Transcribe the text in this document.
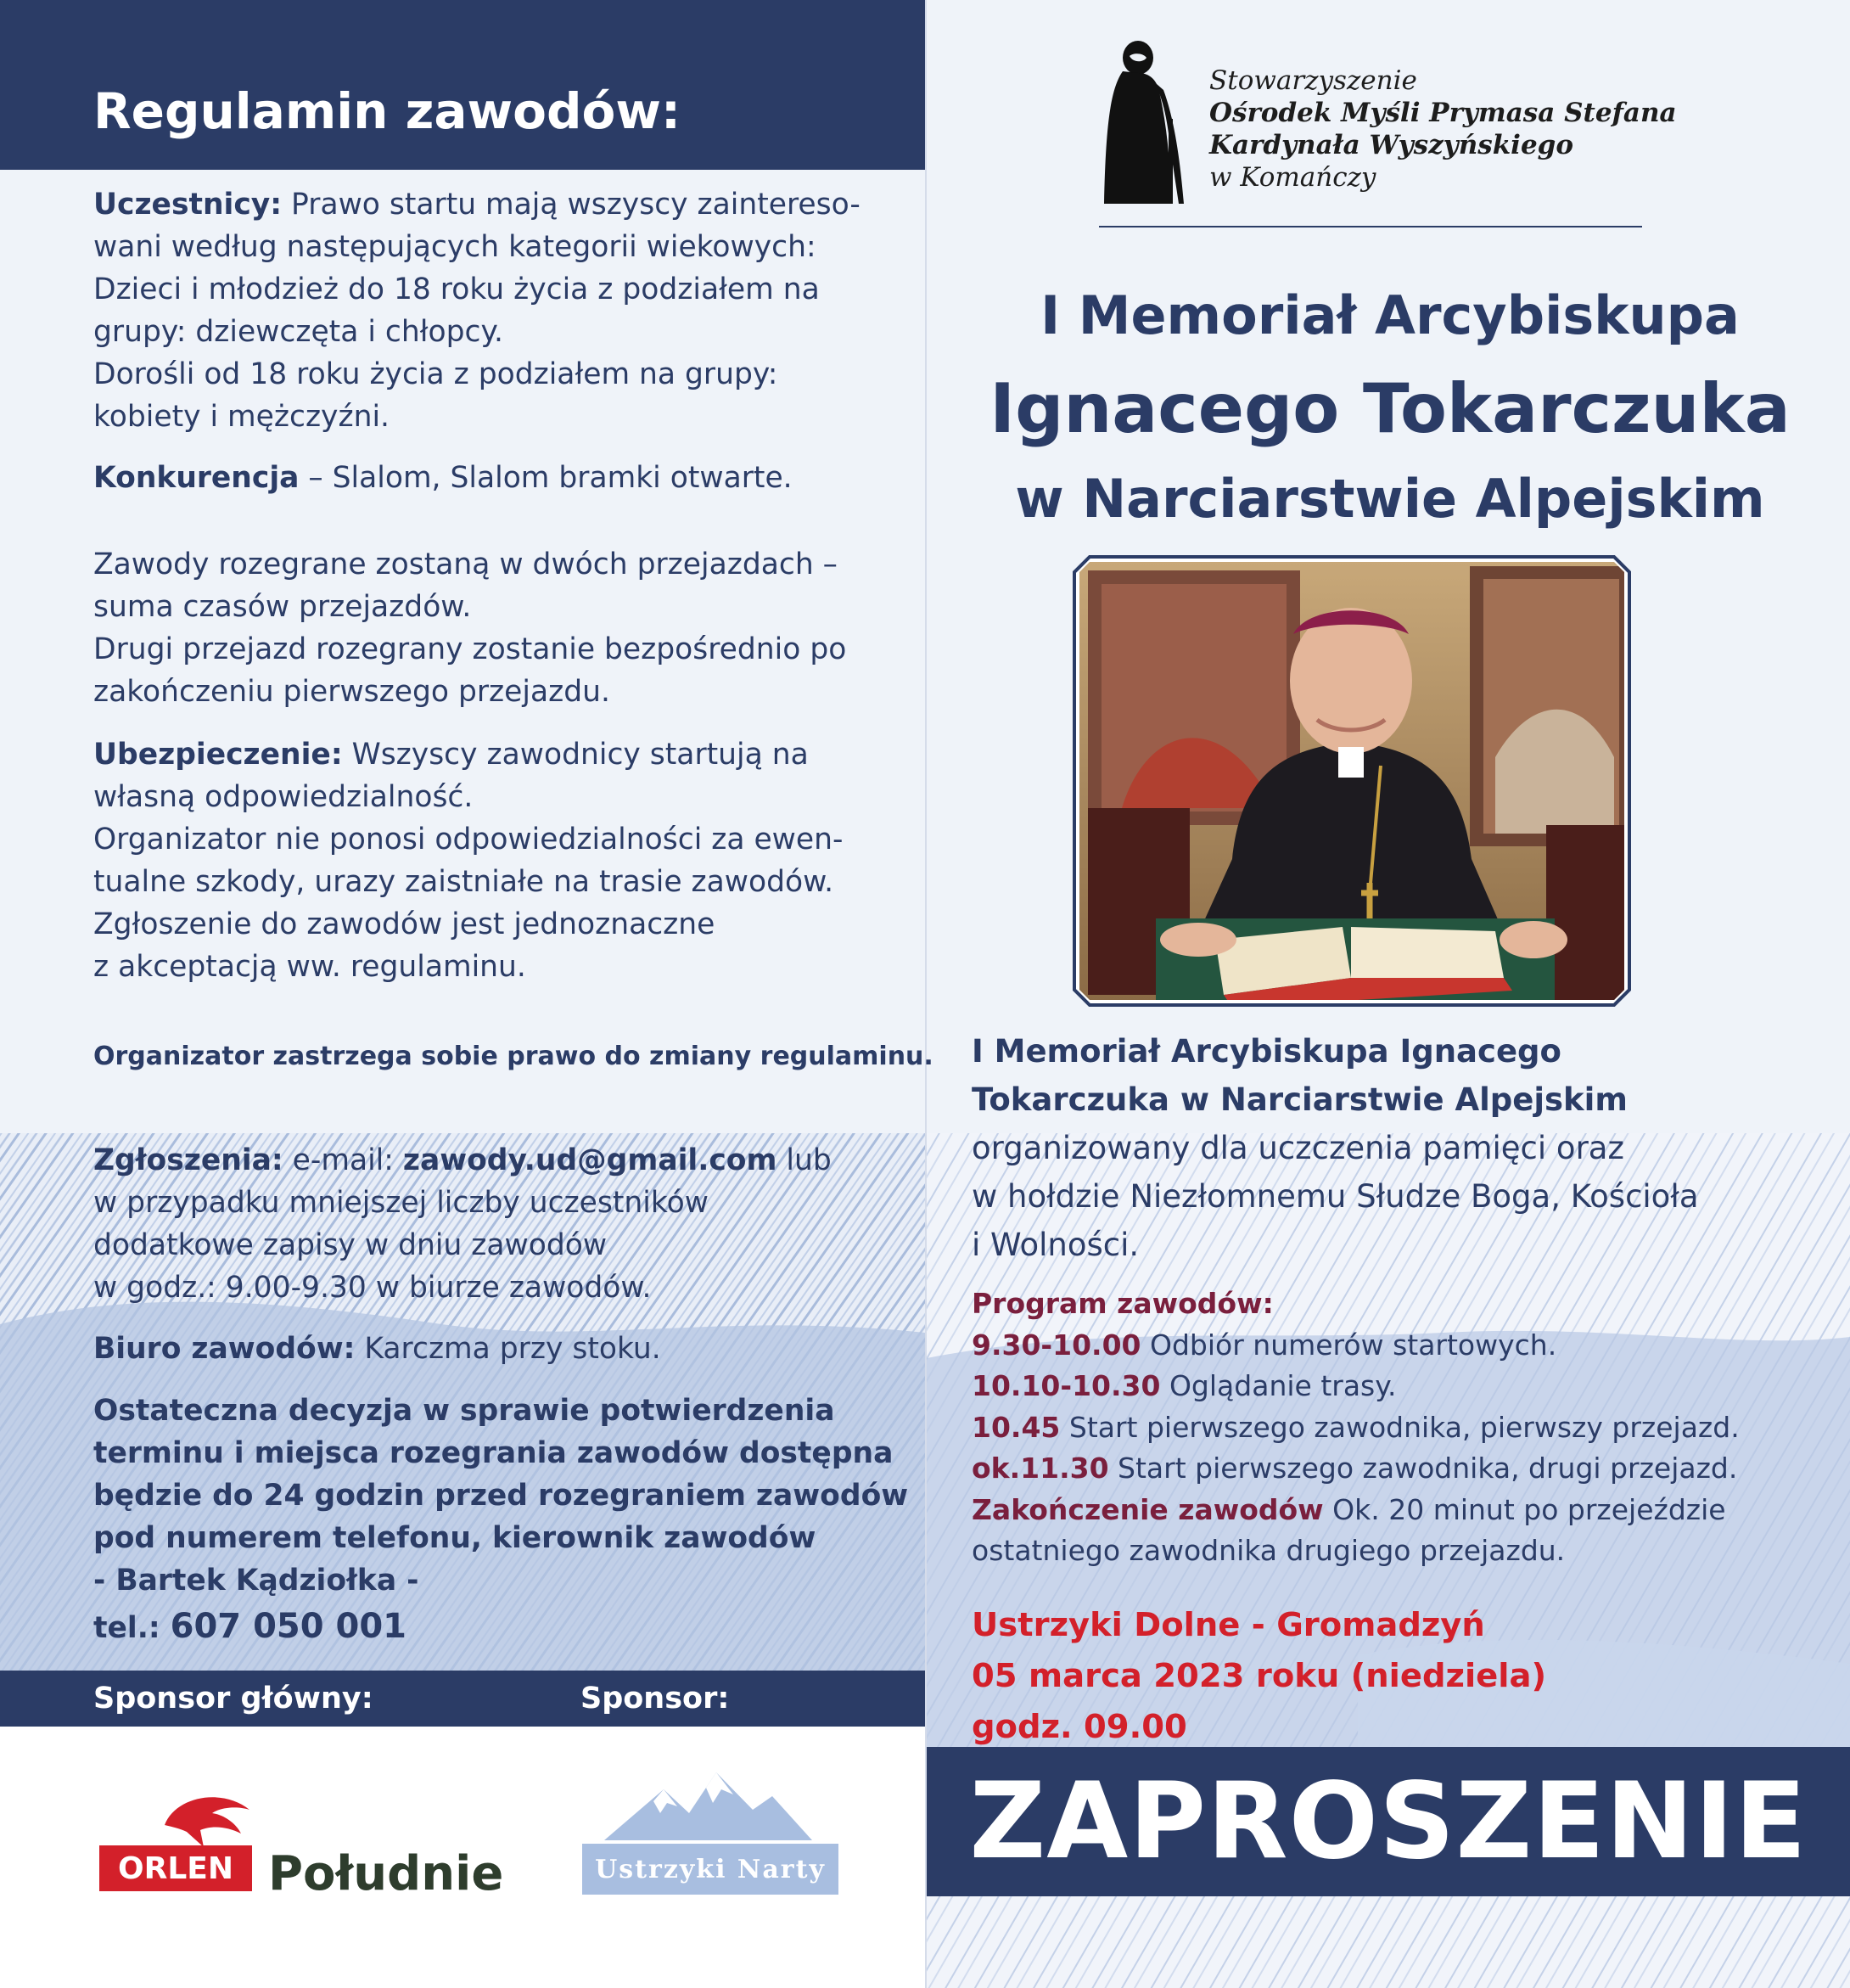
Regulamin zawodów:

Uczestnicy: Prawo startu mają wszyscy zaintereso-

wani według następujących kategorii wiekowych:

Dzieci i młodzież do 18 roku życia z podziałem na

grupy: dziewczęta i chłopcy.

Dorośli od 18 roku życia z podziałem na grupy:

kobiety i mężczyźni.

Konkurencja – Slalom, Slalom bramki otwarte.

Zawody rozegrane zostaną w dwóch przejazdach –

suma czasów przejazdów.

Drugi przejazd rozegrany zostanie bezpośrednio po

zakończeniu pierwszego przejazdu.

Ubezpieczenie: Wszyscy zawodnicy startują na

własną odpowiedzialność.

Organizator nie ponosi odpowiedzialności za ewen-

tualne szkody, urazy zaistniałe na trasie zawodów.

Zgłoszenie do zawodów jest jednoznaczne

z akceptacją ww. regulaminu.

Organizator zastrzega sobie prawo do zmiany regulaminu.

Zgłoszenia: e-mail: zawody.ud@gmail.com lub

w przypadku mniejszej liczby uczestników

dodatkowe zapisy w dniu zawodów

w godz.: 9.00-9.30 w biurze zawodów.

Biuro zawodów: Karczma przy stoku.

Ostateczna decyzja w sprawie potwierdzenia

terminu i miejsca rozegrania zawodów dostępna

będzie do 24 godzin przed rozegraniem zawodów

pod numerem telefonu, kierownik zawodów

- Bartek Kądziołka -

tel.: 607 050 001

Sponsor główny:	Sponsor:
ORLEN Południe	Ustrzyki Narty
Stowarzyszenie
Ośrodek Myśli Prymasa Stefana
Kardynała Wyszyńskiego
w Komańczy
I Memoriał Arcybiskupa
Ignacego Tokarczuka
w Narciarstwie Alpejskim

I Memoriał Arcybiskupa Ignacego

Tokarczuka w Narciarstwie Alpejskim

organizowany dla uczczenia pamięci oraz

w hołdzie Niezłomnemu Słudze Boga, Kościoła

i Wolności.

Program zawodów:

9.30-10.00 Odbiór numerów startowych.

10.10-10.30 Oglądanie trasy.

10.45 Start pierwszego zawodnika, pierwszy przejazd.

ok.11.30 Start pierwszego zawodnika, drugi przejazd.

Zakończenie zawodów Ok. 20 minut po przejeździe

ostatniego zawodnika drugiego przejazdu.

Ustrzyki Dolne - Gromadzyń

05 marca 2023 roku (niedziela)

godz. 09.00

ZAPROSZENIE
